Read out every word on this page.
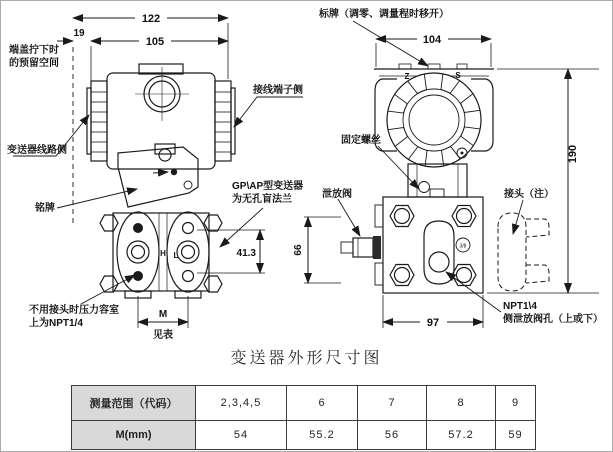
122
19
105
端盖拧下时
的预留空间
变送器线路侧
接线端子侧
铭牌
GP\AP型变送器
为无孔盲法兰
不用接头时压力容室
上为NPT1/4
H L	41.3
M
见表
标牌（调零、调量程时移开）
104
Z	S
固定螺丝
泄放阀	接头（注）
3/8
66
190
97
NPT1\4
侧泄放阀孔（上或下）
变送器外形尺寸图
测量范围（代码）	2,3,4,5	6	7	8	9
M(mm)	54	55.2	56	57.2	59
